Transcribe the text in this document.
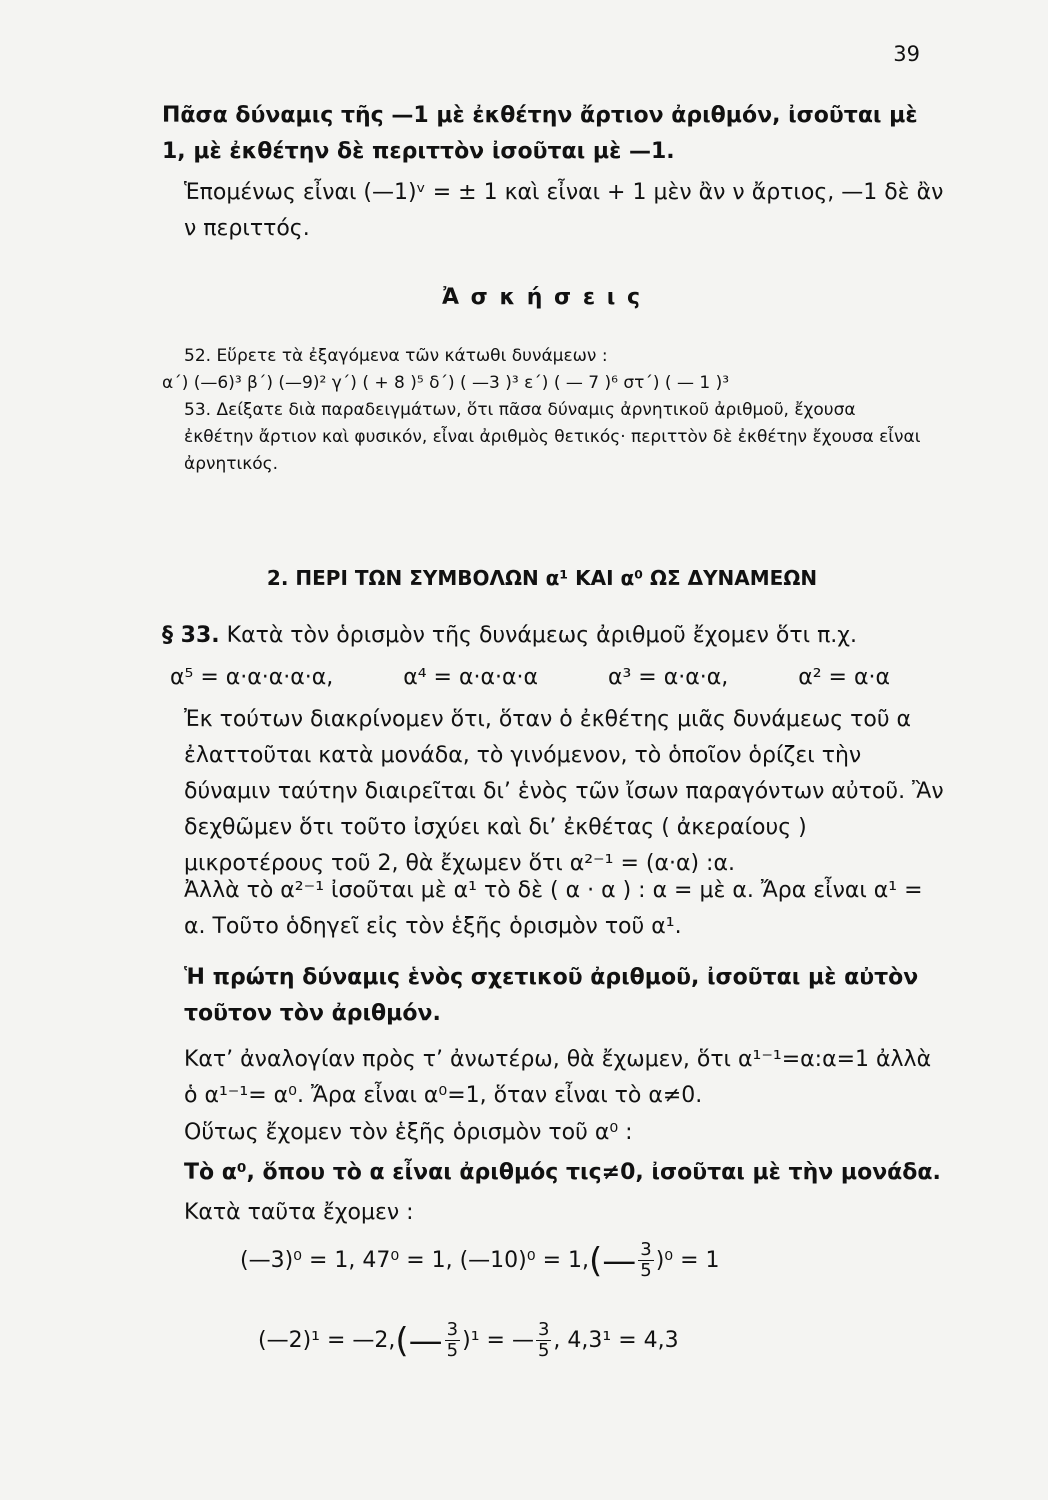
39
Πᾶσα δύναμις τῆς —1 μὲ ἐκθέτην ἄρτιον ἀριθμόν, ἰσοῦται μὲ 1, μὲ ἐκθέτην δὲ περιττὸν ἰσοῦται μὲ —1.
Ἑπομένως εἶναι (—1)ᵛ = ± 1 καὶ εἶναι + 1 μὲν ἂν ν ἄρτιος, —1 δὲ ἂν ν περιττός.
Ἀ σ κ ή σ ε ι ς
52. Εὕρετε τὰ ἐξαγόμενα τῶν κάτωθι δυνάμεων :
α΄) (—6)³ β΄) (—9)² γ΄) ( + 8 )⁵ δ΄) ( —3 )³ ε΄) ( — 7 )⁶ στ΄) ( — 1 )³
53. Δείξατε διὰ παραδειγμάτων, ὅτι πᾶσα δύναμις ἀρνητικοῦ ἀριθμοῦ, ἔχουσα ἐκθέτην ἄρτιον καὶ φυσικόν, εἶναι ἀριθμὸς θετικός· περιττὸν δὲ ἐκθέτην ἔχουσα εἶναι ἀρνητικός.
2. ΠΕΡΙ ΤΩΝ ΣΥΜΒΟΛΩΝ α¹ ΚΑΙ α⁰ ΩΣ ΔΥΝΑΜΕΩΝ
§ 33. Κατὰ τὸν ὁρισμὸν τῆς δυνάμεως ἀριθμοῦ ἔχομεν ὅτι π.χ.
α⁵ = α·α·α·α·α,	α⁴ = α·α·α·α	α³ = α·α·α,	α² = α·α
Ἐκ τούτων διακρίνομεν ὅτι, ὅταν ὁ ἐκθέτης μιᾶς δυνάμεως τοῦ α ἐλαττοῦται κατὰ μονάδα, τὸ γινόμενον, τὸ ὁποῖον ὁρίζει τὴν δύναμιν ταύτην διαιρεῖται δι’ ἑνὸς τῶν ἴσων παραγόντων αὐτοῦ. Ἂν δεχθῶμεν ὅτι τοῦτο ἰσχύει καὶ δι’ ἐκθέτας ( ἀκεραίους ) μικροτέρους τοῦ 2, θὰ ἔχωμεν ὅτι α²⁻¹ = (α·α) :α.
Ἀλλὰ τὸ α²⁻¹ ἰσοῦται μὲ α¹ τὸ δὲ ( α · α ) : α = μὲ α. Ἄρα εἶναι α¹ = α. Τοῦτο ὁδηγεῖ εἰς τὸν ἑξῆς ὁρισμὸν τοῦ α¹.
Ἡ πρώτη δύναμις ἑνὸς σχετικοῦ ἀριθμοῦ, ἰσοῦται μὲ αὐτὸν τοῦτον τὸν ἀριθμόν.
Κατ’ ἀναλογίαν πρὸς τ’ ἀνωτέρω, θὰ ἔχωμεν, ὅτι α¹⁻¹=α:α=1 ἀλλὰ ὁ α¹⁻¹= α⁰. Ἄρα εἶναι α⁰=1, ὅταν εἶναι τὸ α≠0.
Οὕτως ἔχομεν τὸν ἑξῆς ὁρισμὸν τοῦ α⁰ :
Τὸ α⁰, ὅπου τὸ α εἶναι ἀριθμός τις≠0, ἰσοῦται μὲ τὴν μονάδα.
Κατὰ ταῦτα ἔχομεν :
(—3)⁰ = 1, 47⁰ = 1, (—10)⁰ = 1, (— $\frac{3}{5} )^0 = 1$
(—2)¹ = —2, (— $\frac{3}{5} )^1$ = — $\frac{3}{5}$ , 4,3¹ = 4,3
